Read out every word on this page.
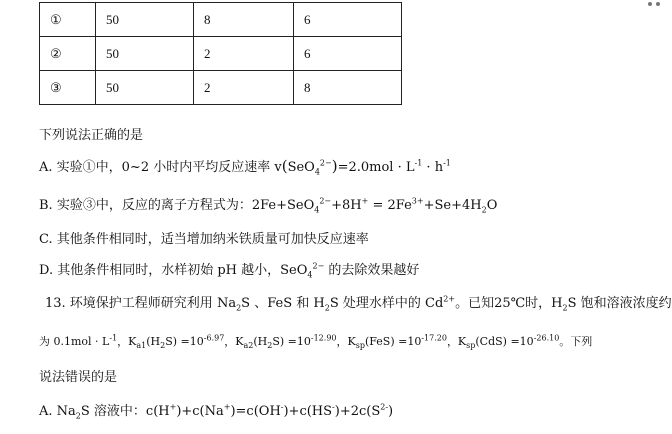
①	50	8	6
②	50	2	6
③	50	2	8
下列说法正确的是
A. 实验①中，0~2 小时内平均反应速率 $v(SeO_4^{2-})=2.0mol \cdot L^{-1} \cdot h^{-1}$
B. 实验③中，反应的离子方程式为：$2Fe+SeO_4^{2-}+8H^+ = 2Fe^{3+}+Se+4H_2O$
C. 其他条件相同时，适当增加纳米铁质量可加快反应速率
D. 其他条件相同时，水样初始 pH 越小，SeO$_4^{2-}$ 的去除效果越好
13. 环境保护工程师研究利用 $Na_2S$ 、FeS 和 $H_2S$ 处理水样中的 $Cd^{2+}$。已知25℃时，$H_2S$ 饱和溶液浓度约
为 $0.1mol \cdot L^{-1}$，$K_{a1}(H_2S) =10^{-6.97}$，$K_{a2}(H_2S) =10^{-12.90}$，$K_{sp}(FeS) =10^{-17.20}$，$K_{sp}(CdS) =10^{-26.10}$。下列
说法错误的是
A. $Na_2S$ 溶液中：$c(H^+)+c(Na^+)=c(OH^-)+c(HS^-)+2c(S^{2-})$
